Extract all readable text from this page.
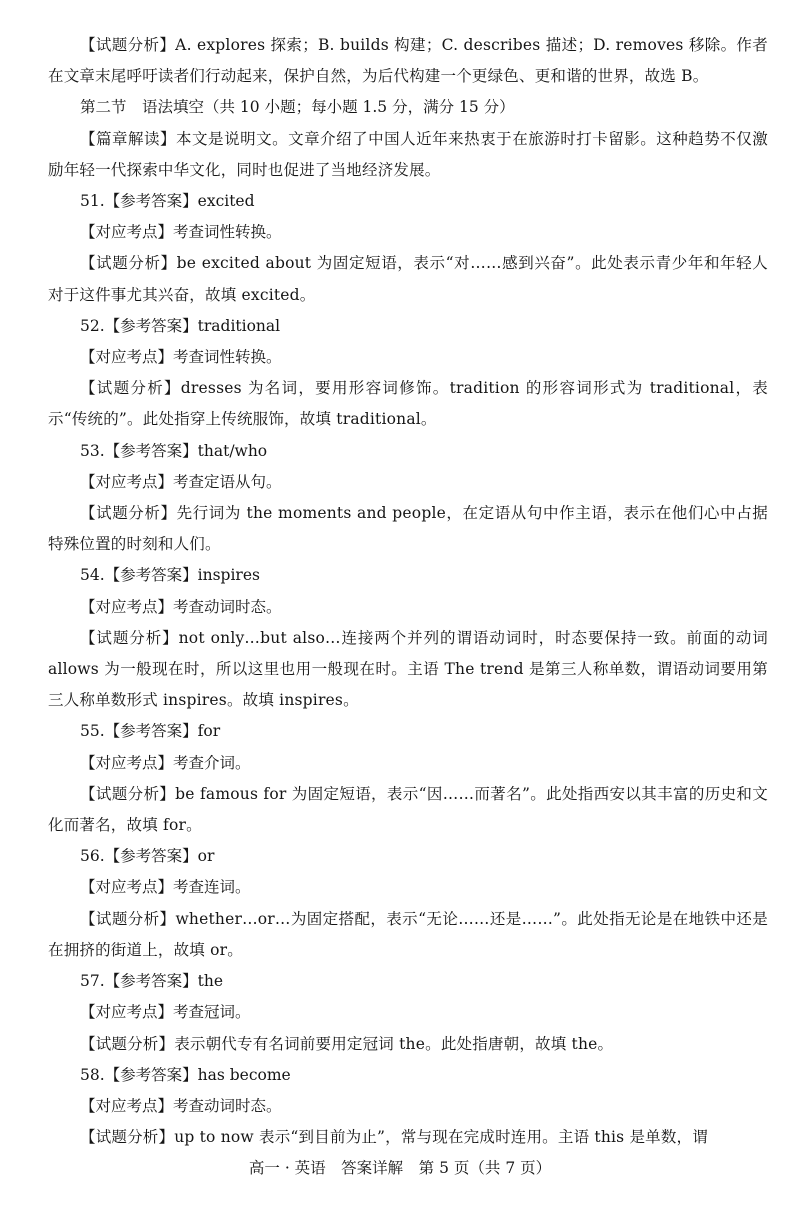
【试题分析】A. explores 探索；B. builds 构建；C. describes 描述；D. removes 移除。作者在文章末尾呼吁读者们行动起来，保护自然，为后代构建一个更绿色、更和谐的世界，故选 B。

第二节　语法填空（共 10 小题；每小题 1.5 分，满分 15 分）

【篇章解读】本文是说明文。文章介绍了中国人近年来热衷于在旅游时打卡留影。这种趋势不仅激励年轻一代探索中华文化，同时也促进了当地经济发展。

51.【参考答案】excited

【对应考点】考查词性转换。

【试题分析】be excited about 为固定短语，表示“对……感到兴奋”。此处表示青少年和年轻人对于这件事尤其兴奋，故填 excited。

52.【参考答案】traditional

【对应考点】考查词性转换。

【试题分析】dresses 为名词，要用形容词修饰。tradition 的形容词形式为 traditional，表示“传统的”。此处指穿上传统服饰，故填 traditional。

53.【参考答案】that/who

【对应考点】考查定语从句。

【试题分析】先行词为 the moments and people，在定语从句中作主语，表示在他们心中占据特殊位置的时刻和人们。

54.【参考答案】inspires

【对应考点】考查动词时态。

【试题分析】not only…but also…连接两个并列的谓语动词时，时态要保持一致。前面的动词 allows 为一般现在时，所以这里也用一般现在时。主语 The trend 是第三人称单数，谓语动词要用第三人称单数形式 inspires。故填 inspires。

55.【参考答案】for

【对应考点】考查介词。

【试题分析】be famous for 为固定短语，表示“因……而著名”。此处指西安以其丰富的历史和文化而著名，故填 for。

56.【参考答案】or

【对应考点】考查连词。

【试题分析】whether…or…为固定搭配，表示“无论……还是……”。此处指无论是在地铁中还是在拥挤的街道上，故填 or。

57.【参考答案】the

【对应考点】考查冠词。

【试题分析】表示朝代专有名词前要用定冠词 the。此处指唐朝，故填 the。

58.【参考答案】has become

【对应考点】考查动词时态。

【试题分析】up to now 表示“到目前为止”，常与现在完成时连用。主语 this 是单数，谓

高一 · 英语　答案详解　第 5 页（共 7 页）
